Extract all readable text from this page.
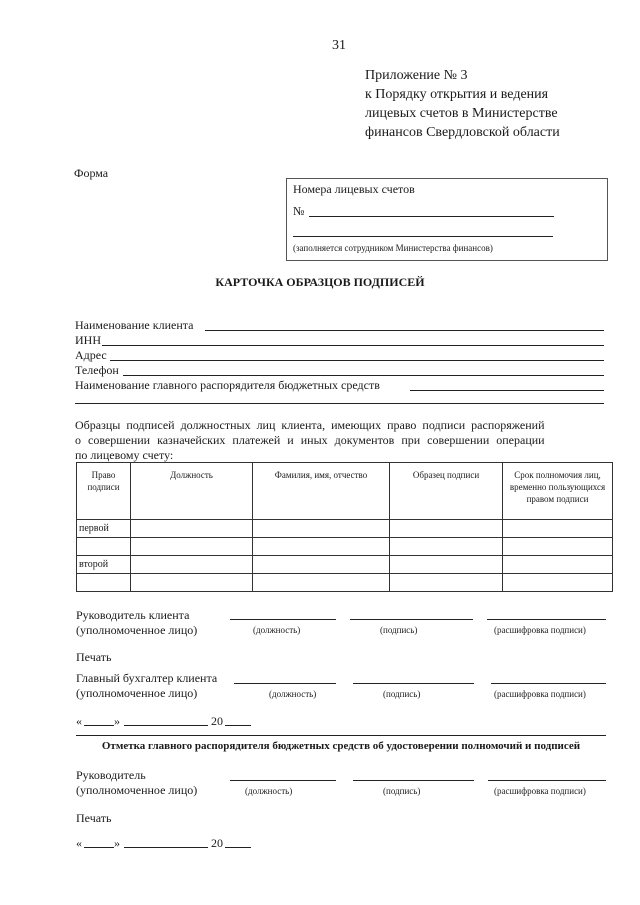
31
Приложение № 3
к Порядку открытия и ведения
лицевых счетов в Министерстве
финансов Свердловской области
Форма
Номера лицевых счетов
№
(заполняется сотрудником Министерства финансов)
КАРТОЧКА ОБРАЗЦОВ ПОДПИСЕЙ
Наименование клиента
ИНН
Адрес
Телефон
Наименование главного распорядителя бюджетных средств
Образцы подписей должностных лиц клиента, имеющих право подписи распоряжений
о совершении казначейских платежей и иных документов при совершении операции
по лицевому счету:
Право подписи	Должность	Фамилия, имя, отчество	Образец подписи	Срок полномочия лиц, временно пользующихся правом подписи
первой				

второй				

Руководитель клиента
(уполномоченное лицо)	(должность)	(подпись)	(расшифровка подписи)
Печать
Главный бухгалтер клиента
(уполномоченное лицо)	(должность)	(подпись)	(расшифровка подписи)
«	»	20
Отметка главного распорядителя бюджетных средств об удостоверении полномочий и подписей
Руководитель
(уполномоченное лицо)	(должность)	(подпись)	(расшифровка подписи)
Печать
«	»	20
